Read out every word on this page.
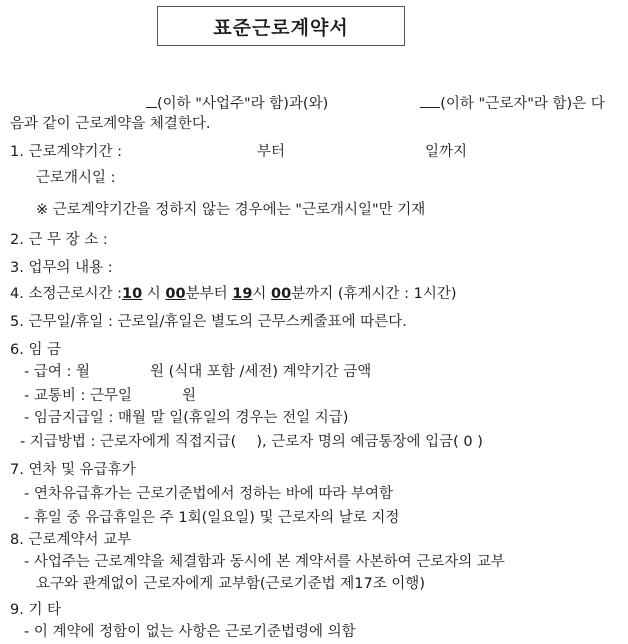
표준근로계약서
(이하 "사업주"라 함)과(와)	(이하 "근로자"라 함)은 다
음과 같이 근로계약을 체결한다.
1. 근로계약기간 :	부터	일까지
근로개시일 :
※ 근로계약기간을 정하지 않는 경우에는 "근로개시일"만 기재
2. 근 무 장 소 :
3. 업무의 내용 :
4. 소정근로시간 :10 시 00분부터 19시 00분까지 (휴게시간 : 1시간)
5. 근무일/휴일 : 근로일/휴일은 별도의 근무스케줄표에 따른다.
6. 임 금
- 급여 : 월	원 (식대 포함 /세전) 계약기간 금액
- 교통비 : 근무일	원
- 임금지급일 : 매월 말 일(휴일의 경우는 전일 지급)
- 지급방법 : 근로자에게 직접지급( ), 근로자 명의 예금통장에 입금( 0 )
7. 연차 및 유급휴가
- 연차유급휴가는 근로기준법에서 정하는 바에 따라 부여함
- 휴일 중 유급휴일은 주 1회(일요일) 및 근로자의 날로 지정
8. 근로계약서 교부
- 사업주는 근로계약을 체결함과 동시에 본 계약서를 사본하여 근로자의 교부
요구와 관계없이 근로자에게 교부함(근로기준법 제17조 이행)
9. 기 타
- 이 계약에 정함이 없는 사항은 근로기준법령에 의함
